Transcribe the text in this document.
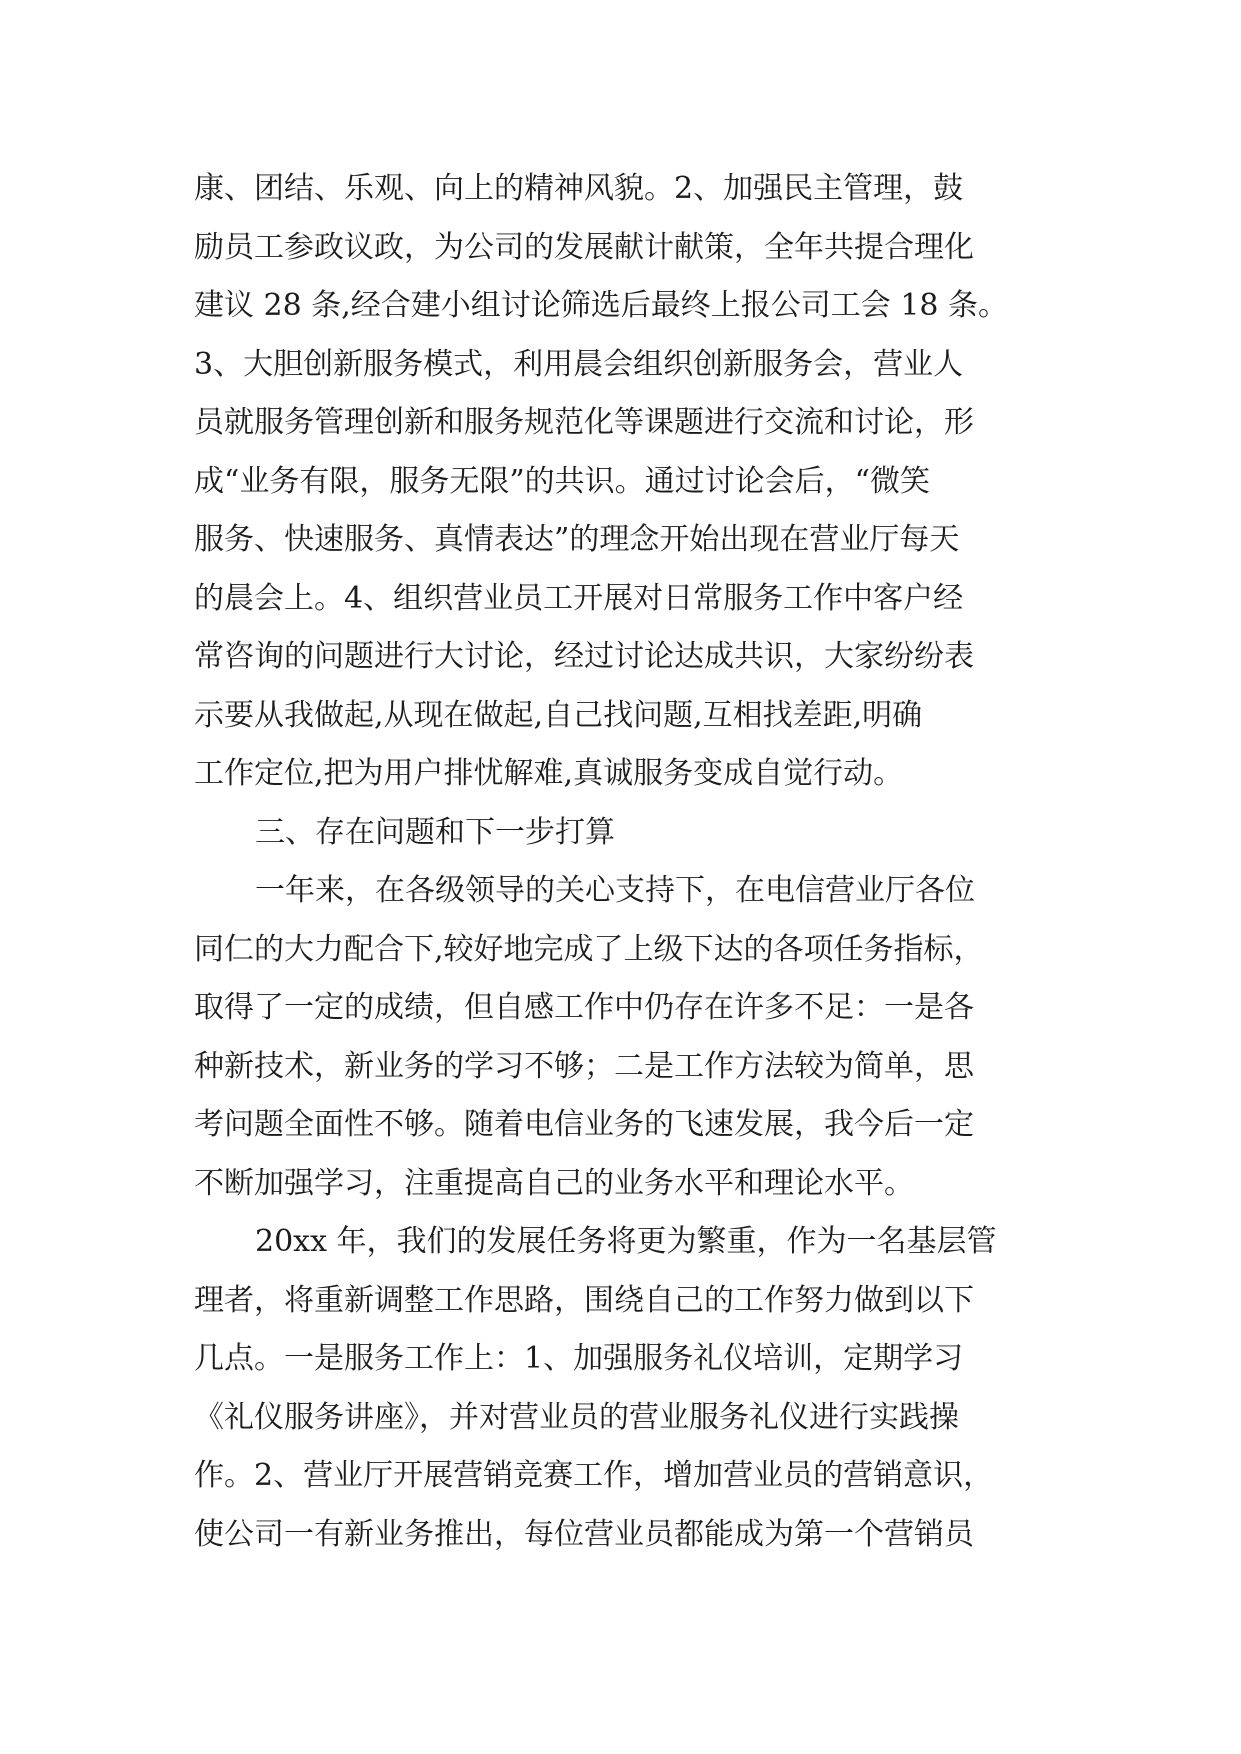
康、团结、乐观、向上的精神风貌。2、加强民主管理，鼓
励员工参政议政，为公司的发展献计献策，全年共提合理化
建议 28 条,经合建小组讨论筛选后最终上报公司工会 18 条。
3、大胆创新服务模式，利用晨会组织创新服务会，营业人
员就服务管理创新和服务规范化等课题进行交流和讨论，形
成“业务有限，服务无限”的共识。通过讨论会后，“微笑
服务、快速服务、真情表达”的理念开始出现在营业厅每天
的晨会上。4、组织营业员工开展对日常服务工作中客户经
常咨询的问题进行大讨论，经过讨论达成共识，大家纷纷表
示要从我做起,从现在做起,自己找问题,互相找差距,明确
工作定位,把为用户排忧解难,真诚服务变成自觉行动。
三、存在问题和下一步打算
一年来，在各级领导的关心支持下，在电信营业厅各位
同仁的大力配合下,较好地完成了上级下达的各项任务指标，
取得了一定的成绩，但自感工作中仍存在许多不足：一是各
种新技术，新业务的学习不够；二是工作方法较为简单，思
考问题全面性不够。随着电信业务的飞速发展，我今后一定
不断加强学习，注重提高自己的业务水平和理论水平。
20xx 年，我们的发展任务将更为繁重，作为一名基层管
理者，将重新调整工作思路，围绕自己的工作努力做到以下
几点。一是服务工作上：1、加强服务礼仪培训，定期学习
《礼仪服务讲座》，并对营业员的营业服务礼仪进行实践操
作。2、营业厅开展营销竞赛工作，增加营业员的营销意识，
使公司一有新业务推出，每位营业员都能成为第一个营销员
